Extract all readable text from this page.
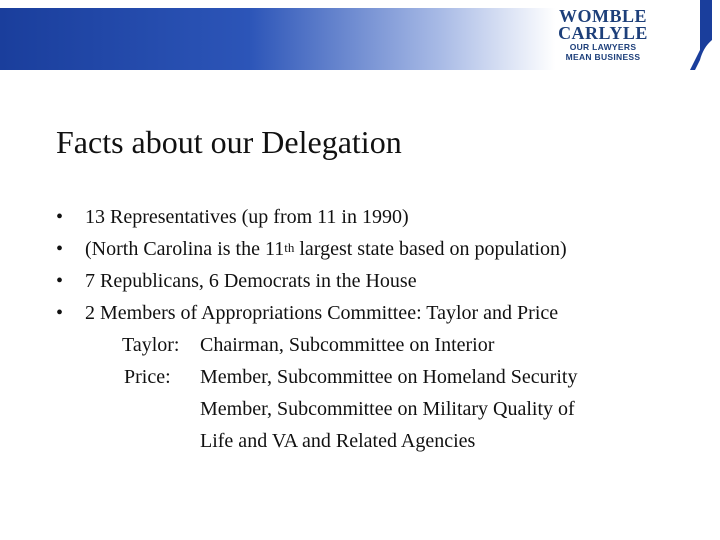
WOMBLE
CARLYLE
OUR LAWYERS
MEAN BUSINESS
Facts about our Delegation
• 13 Representatives (up from 11 in 1990)
• (North Carolina is the 11th largest state based on population)
• 7 Republicans, 6 Democrats in the House
• 2 Members of Appropriations Committee: Taylor and Price
Taylor: Chairman, Subcommittee on Interior
Price: Member, Subcommittee on Homeland Security
Member, Subcommittee on Military Quality of
Life and VA and Related Agencies
